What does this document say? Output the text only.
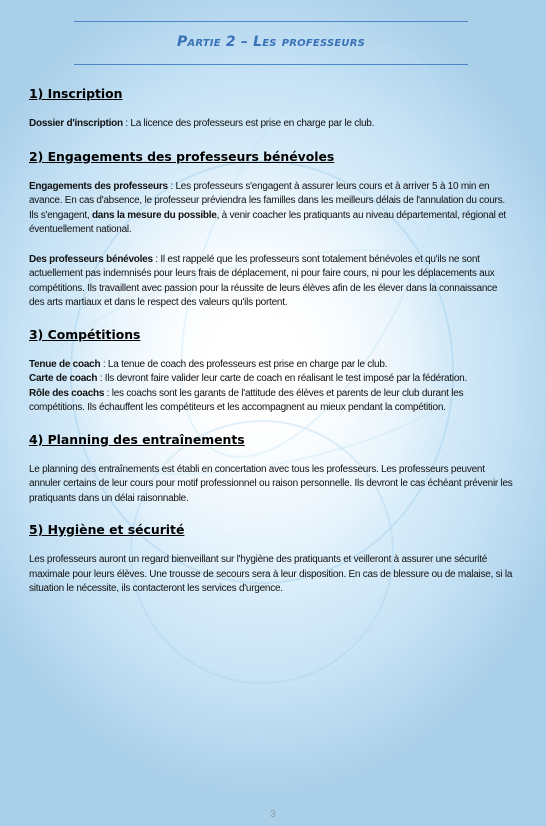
Partie 2 – Les professeurs
1) Inscription

Dossier d'inscription : La licence des professeurs est prise en charge par le club.

2) Engagements des professeurs bénévoles

Engagements des professeurs : Les professeurs s'engagent à assurer leurs cours et à arriver 5 à 10 min en avance. En cas d'absence, le professeur préviendra les familles dans les meilleurs délais de l'annulation du cours. Ils s'engagent, dans la mesure du possible, à venir coacher les pratiquants au niveau départemental, régional et éventuellement national.

Des professeurs bénévoles : Il est rappelé que les professeurs sont totalement bénévoles et qu'ils ne sont actuellement pas indemnisés pour leurs frais de déplacement, ni pour faire cours, ni pour les déplacements aux compétitions. Ils travaillent avec passion pour la réussite de leurs élèves afin de les élever dans la connaissance des arts martiaux et dans le respect des valeurs qu'ils portent.

3) Compétitions

Tenue de coach : La tenue de coach des professeurs est prise en charge par le club.
Carte de coach : Ils devront faire valider leur carte de coach en réalisant le test imposé par la fédération.
Rôle des coachs : les coachs sont les garants de l'attitude des élèves et parents de leur club durant les compétitions. Ils échauffent les compétiteurs et les accompagnent au mieux pendant la compétition.

4) Planning des entraînements

Le planning des entraînements est établi en concertation avec tous les professeurs. Les professeurs peuvent annuler certains de leur cours pour motif professionnel ou raison personnelle. Ils devront le cas échéant prévenir les pratiquants dans un délai raisonnable.

5) Hygiène et sécurité

Les professeurs auront un regard bienveillant sur l'hygiène des pratiquants et veilleront à assurer une sécurité maximale pour leurs élèves. Une trousse de secours sera à leur disposition. En cas de blessure ou de malaise, si la situation le nécessite, ils contacteront les services d'urgence.

3
